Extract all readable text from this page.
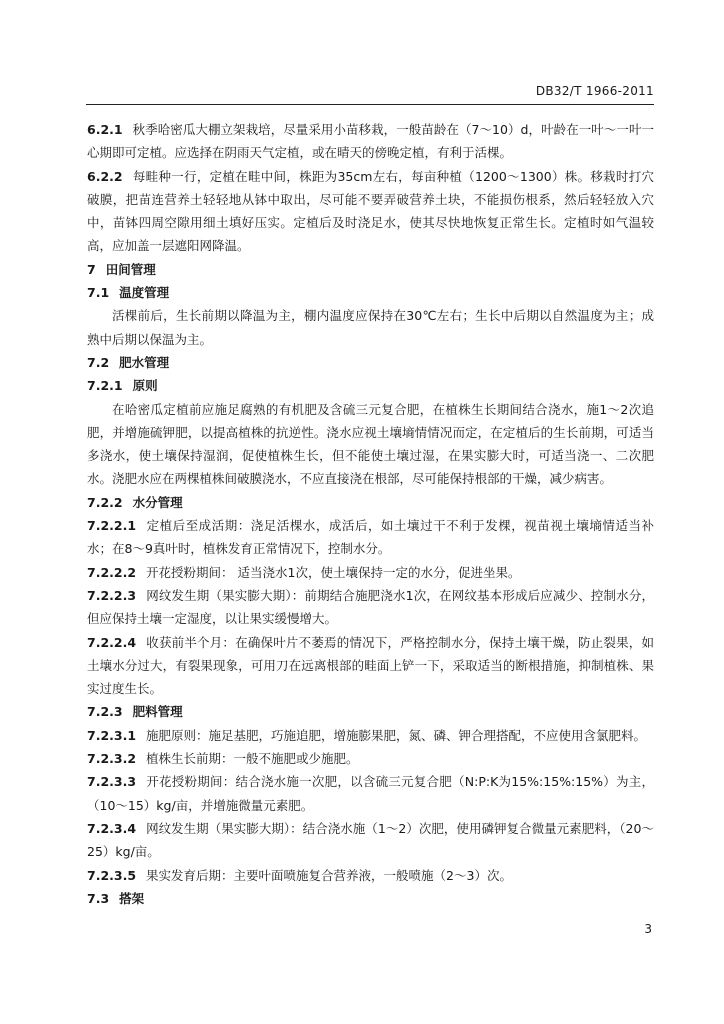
DB32/T 1966-2011

6.2.1 秋季哈密瓜大棚立架栽培，尽量采用小苗移栽，一般苗龄在（7～10）d，叶龄在一叶～一叶一心期即可定植。应选择在阴雨天气定植，或在晴天的傍晚定植，有利于活棵。

6.2.2 每畦种一行，定植在畦中间，株距为35cm左右，每亩种植（1200～1300）株。移栽时打穴破膜，把苗连营养土轻轻地从钵中取出，尽可能不要弄破营养土块，不能损伤根系，然后轻轻放入穴中，苗钵四周空隙用细土填好压实。定植后及时浇足水，使其尽快地恢复正常生长。定植时如气温较高，应加盖一层遮阳网降温。

7 田间管理

7.1 温度管理

活棵前后，生长前期以降温为主，棚内温度应保持在30℃左右；生长中后期以自然温度为主；成熟中后期以保温为主。

7.2 肥水管理

7.2.1 原则

在哈密瓜定植前应施足腐熟的有机肥及含硫三元复合肥，在植株生长期间结合浇水，施1～2次追肥，并增施硫钾肥，以提高植株的抗逆性。浇水应视土壤墒情情况而定，在定植后的生长前期，可适当多浇水，使土壤保持湿润，促使植株生长，但不能使土壤过湿，在果实膨大时，可适当浇一、二次肥水。浇肥水应在两棵植株间破膜浇水，不应直接浇在根部，尽可能保持根部的干燥，减少病害。

7.2.2 水分管理

7.2.2.1 定植后至成活期：浇足活棵水，成活后，如土壤过干不利于发棵，视苗视土壤墒情适当补水；在8～9真叶时，植株发育正常情况下，控制水分。

7.2.2.2 开花授粉期间： 适当浇水1次，使土壤保持一定的水分，促进坐果。

7.2.2.3 网纹发生期（果实膨大期）：前期结合施肥浇水1次，在网纹基本形成后应减少、控制水分，但应保持土壤一定湿度，以让果实缓慢增大。

7.2.2.4 收获前半个月：在确保叶片不萎焉的情况下，严格控制水分，保持土壤干燥，防止裂果，如土壤水分过大，有裂果现象，可用刀在远离根部的畦面上铲一下，采取适当的断根措施，抑制植株、果实过度生长。

7.2.3 肥料管理

7.2.3.1 施肥原则：施足基肥，巧施追肥，增施膨果肥，氮、磷、钾合理搭配，不应使用含氯肥料。

7.2.3.2 植株生长前期：一般不施肥或少施肥。

7.2.3.3 开花授粉期间：结合浇水施一次肥，以含硫三元复合肥（N:P:K为15%:15%:15%）为主，（10～15）kg/亩，并增施微量元素肥。

7.2.3.4 网纹发生期（果实膨大期）：结合浇水施（1～2）次肥，使用磷钾复合微量元素肥料，（20～25）kg/亩。

7.2.3.5 果实发育后期：主要叶面喷施复合营养液，一般喷施（2～3）次。

7.3 搭架

3
